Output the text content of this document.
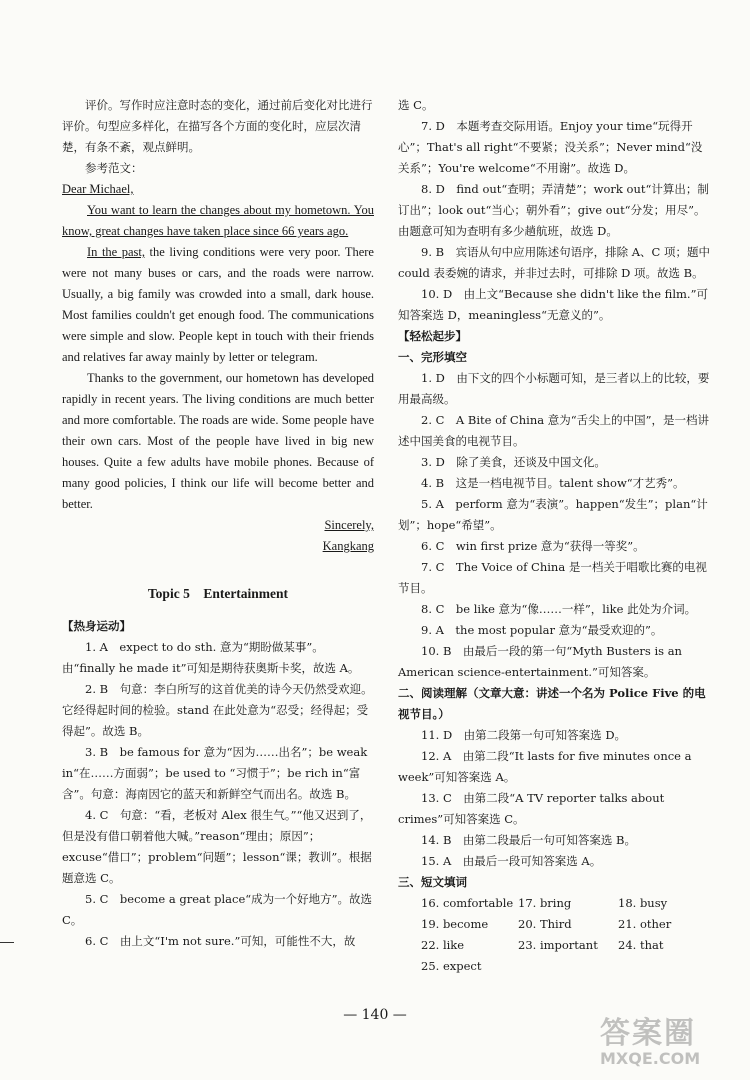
评价。写作时应注意时态的变化，通过前后变化对比进行评价。句型应多样化，在描写各个方面的变化时，应层次清楚，有条不紊，观点鲜明。

参考范文：

Dear Michael,

You want to learn the changes about my hometown. You know, great changes have taken place since 66 years ago.

In the past, the living conditions were very poor. There were not many buses or cars, and the roads were narrow. Usually, a big family was crowded into a small, dark house. Most families couldn't get enough food. The communications were simple and slow. People kept in touch with their friends and relatives far away mainly by letter or telegram.

Thanks to the government, our hometown has developed rapidly in recent years. The living conditions are much better and more comfortable. The roads are wide. Some people have their own cars. Most of the people have lived in big new houses. Quite a few adults have mobile phones. Because of many good policies, I think our life will become better and better.

Sincerely,

Kangkang

Topic 5　Entertainment

【热身运动】

1. A　expect to do sth. 意为“期盼做某事”。由“finally he made it”可知是期待获奥斯卡奖，故选 A。

2. B　句意：李白所写的这首优美的诗今天仍然受欢迎。它经得起时间的检验。stand 在此处意为“忍受；经得起；受得起”。故选 B。

3. B　be famous for 意为“因为……出名”；be weak in“在……方面弱”；be used to “习惯于”；be rich in“富含”。句意：海南因它的蓝天和新鲜空气而出名。故选 B。

4. C　句意：“看，老板对 Alex 很生气。”“他又迟到了，但是没有借口朝着他大喊。”reason“理由；原因”；excuse“借口”；problem“问题”；lesson“课；教训”。根据题意选 C。

5. C　become a great place“成为一个好地方”。故选 C。

6. C　由上文“I'm not sure.”可知，可能性不大，故

选 C。

7. D　本题考查交际用语。Enjoy your time“玩得开心”；That's all right“不要紧；没关系”；Never mind“没关系”；You're welcome“不用谢”。故选 D。

8. D　find out“查明；弄清楚”；work out“计算出；制订出”；look out“当心；朝外看”；give out“分发；用尽”。由题意可知为查明有多少趟航班，故选 D。

9. B　宾语从句中应用陈述句语序，排除 A、C 项；题中 could 表委婉的请求，并非过去时，可排除 D 项。故选 B。

10. D　由上文“Because she didn't like the film.”可知答案选 D，meaningless“无意义的”。

【轻松起步】

一、完形填空

1. D　由下文的四个小标题可知，是三者以上的比较，要用最高级。

2. C　A Bite of China 意为“舌尖上的中国”，是一档讲述中国美食的电视节目。

3. D　除了美食，还谈及中国文化。

4. B　这是一档电视节目。talent show“才艺秀”。

5. A　perform 意为“表演”。happen“发生”；plan“计划”；hope“希望”。

6. C　win first prize 意为“获得一等奖”。

7. C　The Voice of China 是一档关于唱歌比赛的电视节目。

8. C　be like 意为“像……一样”，like 此处为介词。

9. A　the most popular 意为“最受欢迎的”。

10. B　由最后一段的第一句“Myth Busters is an American science-entertainment.”可知答案。

二、阅读理解（文章大意：讲述一个名为 Police Five 的电视节目。）

11. D　由第二段第一句可知答案选 D。

12. A　由第二段“It lasts for five minutes once a week”可知答案选 A。

13. C　由第二段“A TV reporter talks about crimes”可知答案选 C。

14. B　由第二段最后一句可知答案选 B。

15. A　由最后一段可知答案选 A。

三、短文填词

16. comfortable 17. bring	18. busy
19. become	20. Third	21. other
22. like	23. important	24. that
25. expect
— 140 —
答案圈
MXQE.COM
